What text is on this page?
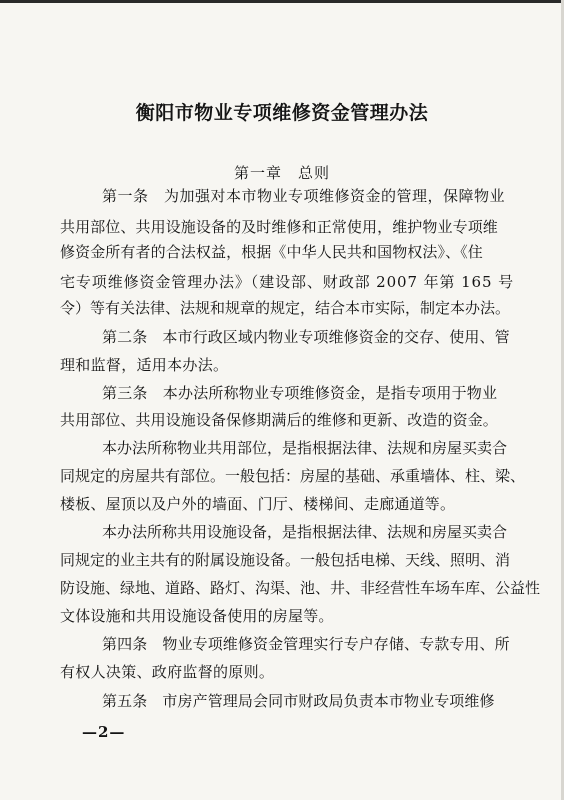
衡阳市物业专项维修资金管理办法
第一章　总则
第一条　为加强对本市物业专项维修资金的管理，保障物业
共用部位、共用设施设备的及时维修和正常使用，维护物业专项维
修资金所有者的合法权益，根据《中华人民共和国物权法》、《住
宅专项维修资金管理办法》（建设部、财政部 2007 年第 165 号
令）等有关法律、法规和规章的规定，结合本市实际，制定本办法。
第二条　本市行政区域内物业专项维修资金的交存、使用、管
理和监督，适用本办法。
第三条　本办法所称物业专项维修资金，是指专项用于物业
共用部位、共用设施设备保修期满后的维修和更新、改造的资金。
本办法所称物业共用部位，是指根据法律、法规和房屋买卖合
同规定的房屋共有部位。一般包括：房屋的基础、承重墙体、柱、梁、
楼板、屋顶以及户外的墙面、门厅、楼梯间、走廊通道等。
本办法所称共用设施设备，是指根据法律、法规和房屋买卖合
同规定的业主共有的附属设施设备。一般包括电梯、天线、照明、消
防设施、绿地、道路、路灯、沟渠、池、井、非经营性车场车库、公益性
文体设施和共用设施设备使用的房屋等。
第四条　物业专项维修资金管理实行专户存储、专款专用、所
有权人决策、政府监督的原则。
第五条　市房产管理局会同市财政局负责本市物业专项维修
—2—
